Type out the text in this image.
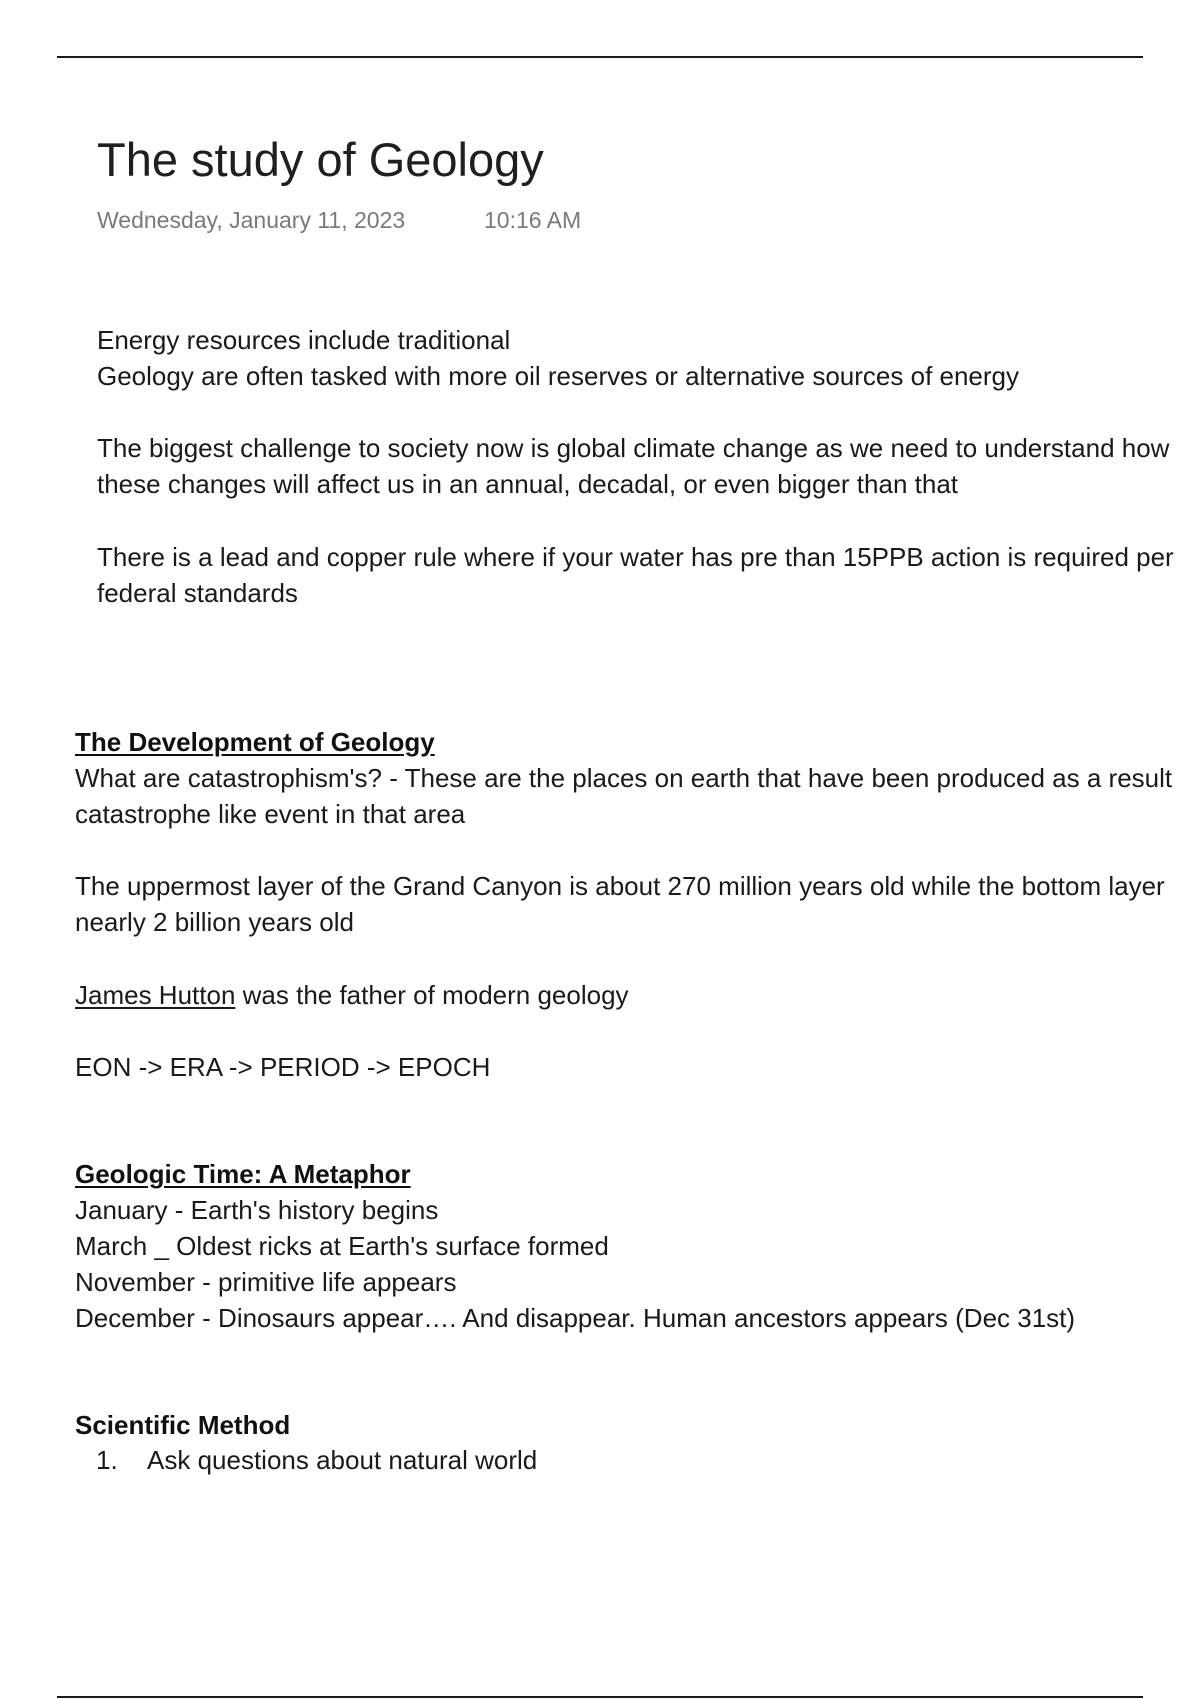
The study of Geology
Wednesday, January 11, 2023	10:16 AM
Energy resources include traditional
Geology are often tasked with more oil reserves or alternative sources of energy
The biggest challenge to society now is global climate change as we need to understand how
these changes will affect us in an annual, decadal, or even bigger than that
There is a lead and copper rule where if your water has pre than 15PPB action is required per
federal standards
The Development of Geology
What are catastrophism's? - These are the places on earth that have been produced as a result
catastrophe like event in that area
The uppermost layer of the Grand Canyon is about 270 million years old while the bottom layer
nearly 2 billion years old
James Hutton was the father of modern geology
EON -> ERA -> PERIOD -> EPOCH
Geologic Time: A Metaphor
January - Earth's history begins
March _ Oldest ricks at Earth's surface formed
November - primitive life appears
December - Dinosaurs appear…. And disappear. Human ancestors appears (Dec 31st)
Scientific Method
1. Ask questions about natural world
